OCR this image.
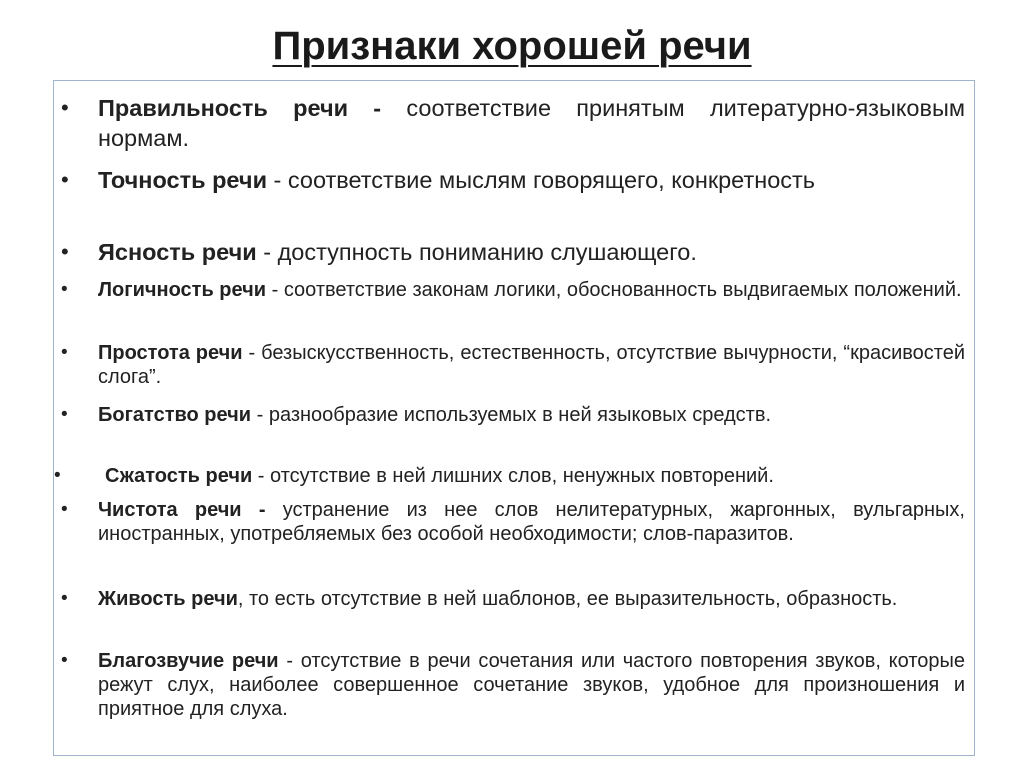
Признаки хорошей речи
• Правильность речи - соответствие принятым литературно-языковым нормам.
• Точность речи - соответствие мыслям говорящего, конкретность
• Ясность речи - доступность пониманию слушающего.
• Логичность речи - соответствие законам логики, обоснованность выдвигаемых положений.
• Простота речи - безыскусственность, естественность, отсутствие вычурности, “красивостей слога”.
• Богатство речи - разнообразие используемых в ней языковых средств.
• Сжатость речи - отсутствие в ней лишних слов, ненужных повторений.
• Чистота речи - устранение из нее слов нелитературных, жаргонных, вульгарных, иностранных, употребляемых без особой необходимости; слов-паразитов.
• Живость речи, то есть отсутствие в ней шаблонов, ее выразительность, образность.
• Благозвучие речи - отсутствие в речи сочетания или частого повторения звуков, которые режут слух, наиболее совершенное сочетание звуков, удобное для произношения и приятное для слуха.
